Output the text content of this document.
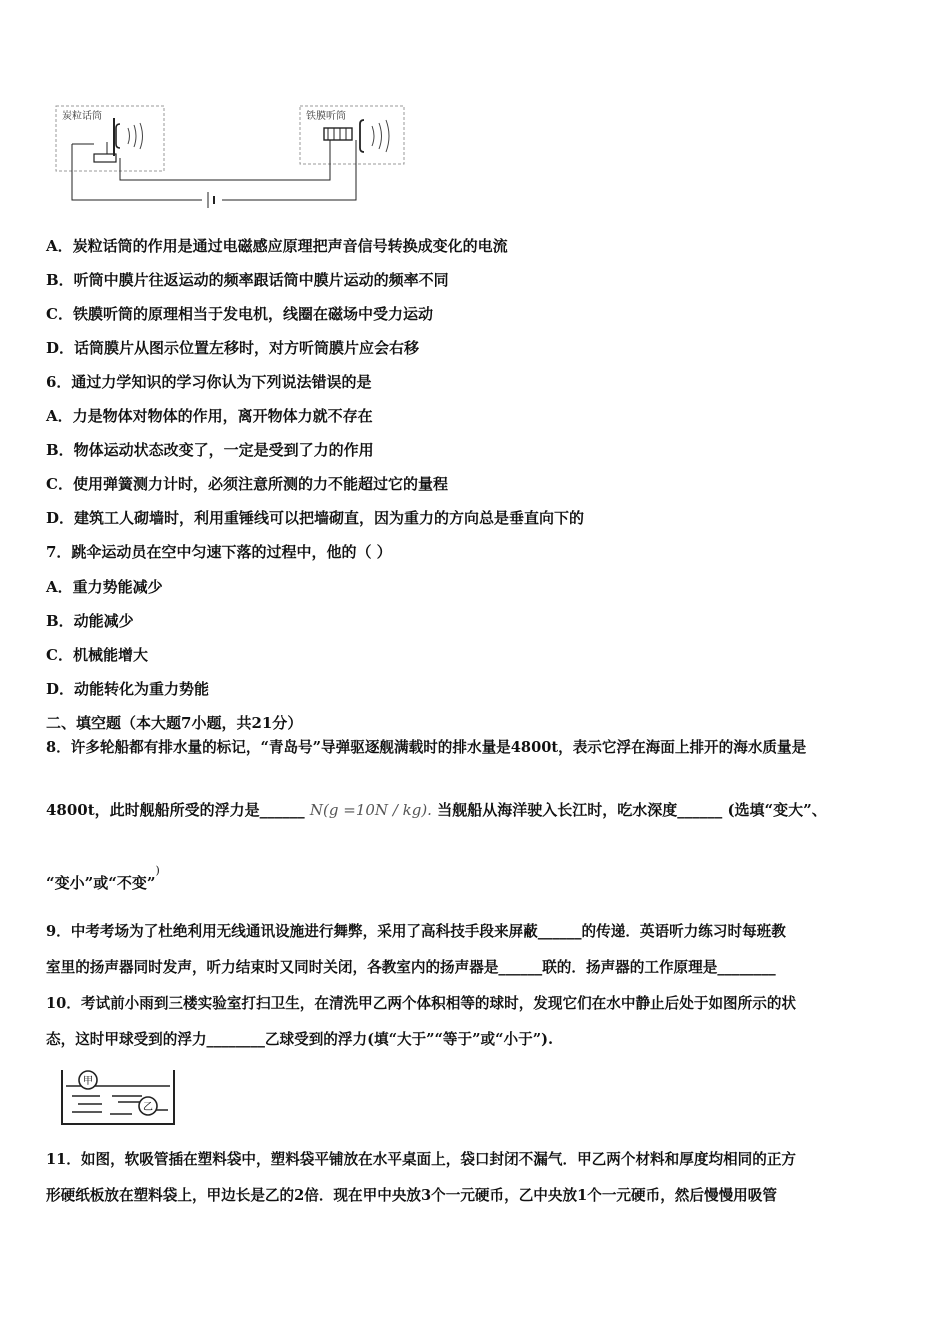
炭粒话筒	铁膜听筒
A．炭粒话筒的作用是通过电磁感应原理把声音信号转换成变化的电流
B．听筒中膜片往返运动的频率跟话筒中膜片运动的频率不同
C．铁膜听筒的原理相当于发电机，线圈在磁场中受力运动
D．话筒膜片从图示位置左移时，对方听筒膜片应会右移
6．通过力学知识的学习你认为下列说法错误的是
A．力是物体对物体的作用，离开物体力就不存在
B．物体运动状态改变了，一定是受到了力的作用
C．使用弹簧测力计时，必须注意所测的力不能超过它的量程
D．建筑工人砌墙时，利用重锤线可以把墙砌直，因为重力的方向总是垂直向下的
7．跳伞运动员在空中匀速下落的过程中，他的（ ）
A．重力势能减少
B．动能减少
C．机械能增大
D．动能转化为重力势能
二、填空题（本大题7小题，共21分）
8．许多轮船都有排水量的标记，“青岛号”导弹驱逐舰满载时的排水量是4800t，表示它浮在海面上排开的海水质量是
4800t，此时舰船所受的浮力是______ N(g =10N / kg). 当舰船从海洋驶入长江时，吃水深度______ (选填“变大”、
“变小”或“不变”)
9．中考考场为了杜绝利用无线通讯设施进行舞弊，采用了高科技手段来屏蔽______的传递．英语听力练习时每班教
室里的扬声器同时发声，听力结束时又同时关闭，各教室内的扬声器是______联的．扬声器的工作原理是________
10．考试前小雨到三楼实验室打扫卫生，在清洗甲乙两个体积相等的球时，发现它们在水中静止后处于如图所示的状
态，这时甲球受到的浮力________乙球受到的浮力(填“大于”“等于”或“小于”).
甲
乙
11．如图，软吸管插在塑料袋中，塑料袋平铺放在水平桌面上，袋口封闭不漏气．甲乙两个材料和厚度均相同的正方
形硬纸板放在塑料袋上，甲边长是乙的2倍．现在甲中央放3个一元硬币，乙中央放1个一元硬币，然后慢慢用吸管
